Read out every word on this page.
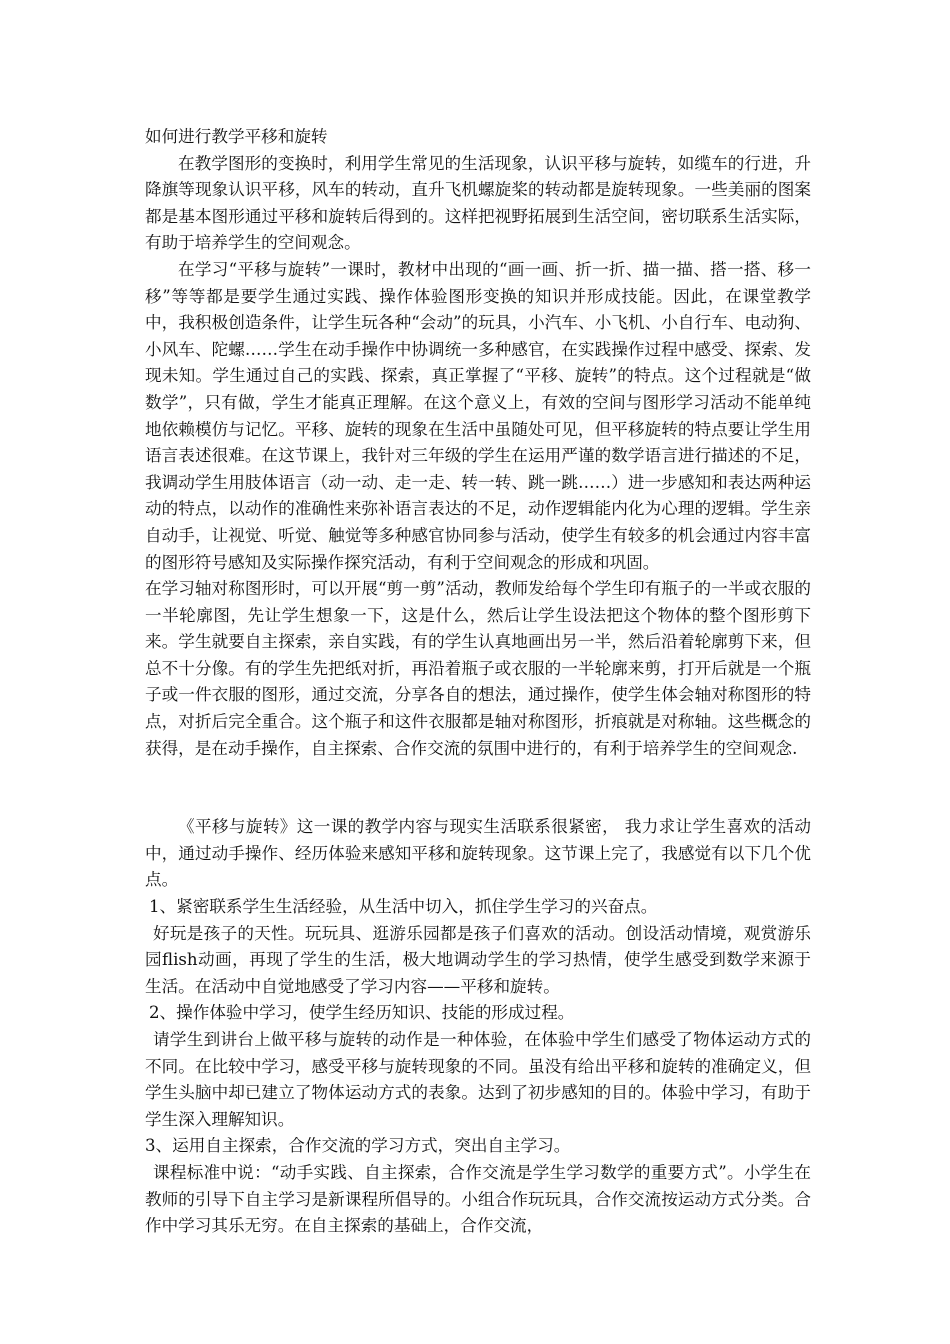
如何进行教学平移和旋转

在教学图形的变换时，利用学生常见的生活现象，认识平移与旋转，如缆车的行进，升降旗等现象认识平移，风车的转动，直升飞机螺旋桨的转动都是旋转现象。一些美丽的图案都是基本图形通过平移和旋转后得到的。这样把视野拓展到生活空间，密切联系生活实际，有助于培养学生的空间观念。

在学习“平移与旋转”一课时，教材中出现的“画一画、折一折、描一描、搭一搭、移一移”等等都是要学生通过实践、操作体验图形变换的知识并形成技能。因此，在课堂教学中，我积极创造条件，让学生玩各种“会动”的玩具，小汽车、小飞机、小自行车、电动狗、小风车、陀螺……学生在动手操作中协调统一多种感官，在实践操作过程中感受、探索、发现未知。学生通过自己的实践、探索，真正掌握了“平移、旋转”的特点。这个过程就是“做数学”，只有做，学生才能真正理解。在这个意义上，有效的空间与图形学习活动不能单纯地依赖模仿与记忆。平移、旋转的现象在生活中虽随处可见，但平移旋转的特点要让学生用语言表述很难。在这节课上，我针对三年级的学生在运用严谨的数学语言进行描述的不足，我调动学生用肢体语言（动一动、走一走、转一转、跳一跳……）进一步感知和表达两种运动的特点，以动作的准确性来弥补语言表达的不足，动作逻辑能内化为心理的逻辑。学生亲自动手，让视觉、听觉、触觉等多种感官协同参与活动，使学生有较多的机会通过内容丰富的图形符号感知及实际操作探究活动，有利于空间观念的形成和巩固。

在学习轴对称图形时，可以开展“剪一剪”活动，教师发给每个学生印有瓶子的一半或衣服的一半轮廓图，先让学生想象一下，这是什么，然后让学生设法把这个物体的整个图形剪下来。学生就要自主探索，亲自实践，有的学生认真地画出另一半，然后沿着轮廓剪下来，但总不十分像。有的学生先把纸对折，再沿着瓶子或衣服的一半轮廓来剪，打开后就是一个瓶子或一件衣服的图形，通过交流，分享各自的想法，通过操作，使学生体会轴对称图形的特点，对折后完全重合。这个瓶子和这件衣服都是轴对称图形，折痕就是对称轴。这些概念的获得，是在动手操作，自主探索、合作交流的氛围中进行的，有利于培养学生的空间观念.

《平移与旋转》这一课的教学内容与现实生活联系很紧密， 我力求让学生喜欢的活动中，通过动手操作、经历体验来感知平移和旋转现象。这节课上完了，我感觉有以下几个优点。

1、紧密联系学生生活经验，从生活中切入，抓住学生学习的兴奋点。

好玩是孩子的天性。玩玩具、逛游乐园都是孩子们喜欢的活动。创设活动情境，观赏游乐园flish动画，再现了学生的生活，极大地调动学生的学习热情，使学生感受到数学来源于生活。在活动中自觉地感受了学习内容——平移和旋转。

2、操作体验中学习，使学生经历知识、技能的形成过程。

请学生到讲台上做平移与旋转的动作是一种体验，在体验中学生们感受了物体运动方式的不同。在比较中学习，感受平移与旋转现象的不同。虽没有给出平移和旋转的准确定义，但学生头脑中却已建立了物体运动方式的表象。达到了初步感知的目的。体验中学习，有助于学生深入理解知识。

3、运用自主探索，合作交流的学习方式，突出自主学习。

课程标准中说：“动手实践、自主探索，合作交流是学生学习数学的重要方式”。小学生在教师的引导下自主学习是新课程所倡导的。小组合作玩玩具，合作交流按运动方式分类。合作中学习其乐无穷。在自主探索的基础上，合作交流，
